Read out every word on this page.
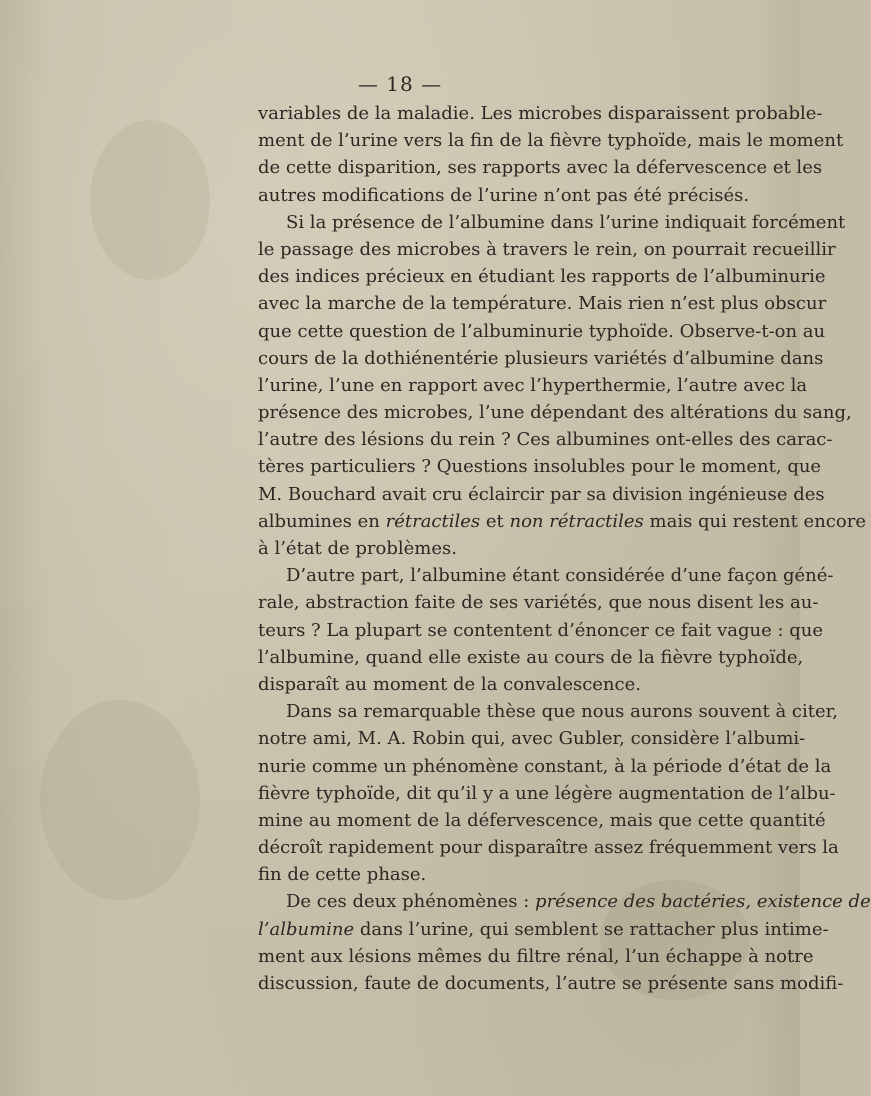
— 18 —
variables de la maladie. Les microbes disparaissent probable-
ment de l’urine vers la fin de la fièvre typhoïde, mais le moment
de cette disparition, ses rapports avec la défervescence et les
autres modifications de l’urine n’ont pas été précisés.
Si la présence de l’albumine dans l’urine indiquait forcément
le passage des microbes à travers le rein, on pourrait recueillir
des indices précieux en étudiant les rapports de l’albuminurie
avec la marche de la température. Mais rien n’est plus obscur
que cette question de l’albuminurie typhoïde. Observe-t-on au
cours de la dothiénentérie plusieurs variétés d’albumine dans
l’urine, l’une en rapport avec l’hyperthermie, l’autre avec la
présence des microbes, l’une dépendant des altérations du sang,
l’autre des lésions du rein ? Ces albumines ont-elles des carac-
tères particuliers ? Questions insolubles pour le moment, que
M. Bouchard avait cru éclaircir par sa division ingénieuse des
albumines en rétractiles et non rétractiles mais qui restent encore
à l’état de problèmes.
D’autre part, l’albumine étant considérée d’une façon géné-
rale, abstraction faite de ses variétés, que nous disent les au-
teurs ? La plupart se contentent d’énoncer ce fait vague : que
l’albumine, quand elle existe au cours de la fièvre typhoïde,
disparaît au moment de la convalescence.
Dans sa remarquable thèse que nous aurons souvent à citer,
notre ami, M. A. Robin qui, avec Gubler, considère l’albumi-
nurie comme un phénomène constant, à la période d’état de la
fièvre typhoïde, dit qu’il y a une légère augmentation de l’albu-
mine au moment de la défervescence, mais que cette quantité
décroît rapidement pour disparaître assez fréquemment vers la
fin de cette phase.
De ces deux phénomènes : présence des bactéries, existence de
l’albumine dans l’urine, qui semblent se rattacher plus intime-
ment aux lésions mêmes du filtre rénal, l’un échappe à notre
discussion, faute de documents, l’autre se présente sans modifi-
